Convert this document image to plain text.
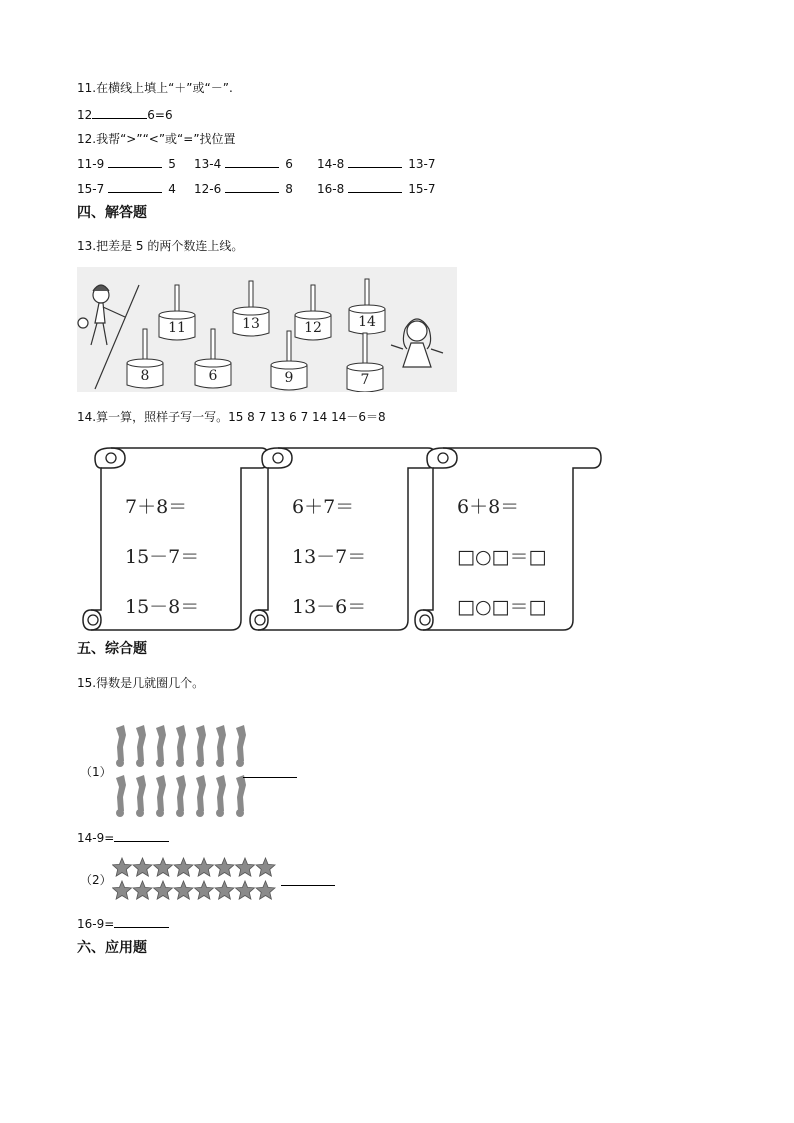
11.在横线上填上“＋”或“－”.
12	6=6
12.我帮“>”“<”或“=”找位置
11-9	5 13-4	6 14-8	13-7
15-7	4 12-6	8 16-8	15-7
四、解答题
13.把差是 5 的两个数连上线。
11	13	12	14
8	6	9	7
14.算一算，照样子写一写。15 8 7 13 6 7 14 14－6＝8
7＋8＝
15－7＝
15－8＝
6＋7＝
13－7＝
13－6＝
6＋8＝
□○□＝□
□○□＝□
五、综合题
15.得数是几就圈几个。
（1）
14-9=
（2）
16-9=
六、应用题
